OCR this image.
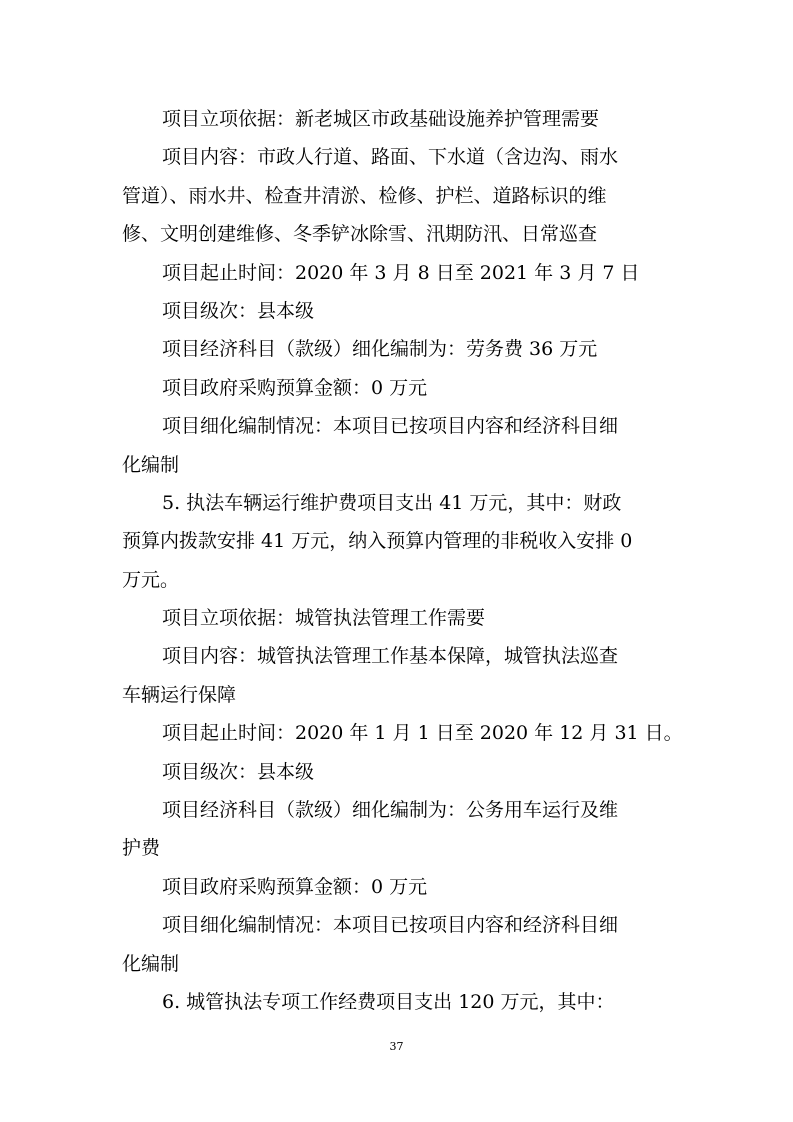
项目立项依据：新老城区市政基础设施养护管理需要
项目内容：市政人行道、路面、下水道（含边沟、雨水
管道）、雨水井、检查井清淤、检修、护栏、道路标识的维
修、文明创建维修、冬季铲冰除雪、汛期防汛、日常巡查
项目起止时间：2020 年 3 月 8 日至 2021 年 3 月 7 日
项目级次：县本级
项目经济科目（款级）细化编制为：劳务费 36 万元
项目政府采购预算金额：0 万元
项目细化编制情况：本项目已按项目内容和经济科目细
化编制
5. 执法车辆运行维护费项目支出 41 万元，其中：财政
预算内拨款安排 41 万元，纳入预算内管理的非税收入安排 0
万元。
项目立项依据：城管执法管理工作需要
项目内容：城管执法管理工作基本保障，城管执法巡查
车辆运行保障
项目起止时间：2020 年 1 月 1 日至 2020 年 12 月 31 日。
项目级次：县本级
项目经济科目（款级）细化编制为：公务用车运行及维
护费
项目政府采购预算金额：0 万元
项目细化编制情况：本项目已按项目内容和经济科目细
化编制
6. 城管执法专项工作经费项目支出 120 万元，其中：
37
